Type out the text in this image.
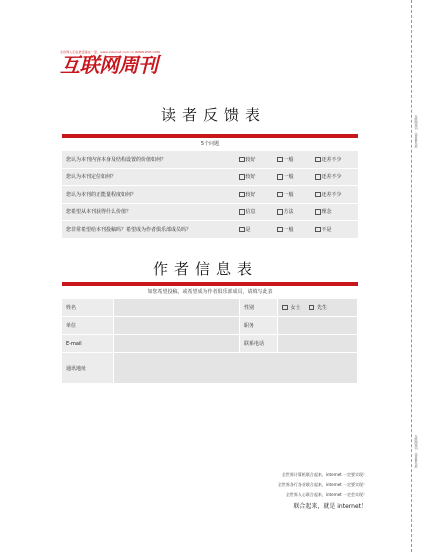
全世界人们在此连接在一起，www.internet.com.cn WWW.ZSH.COM
互联网周刊
读者反馈表
5个问题
您认为本刊内容本身及结构设置的价值如何？	较好	一般	还差不少
您认为本刊定位如何？	较好	一般	还差不少
您认为本刊的正能量程度如何？	较好	一般	还差不少
您希望从本刊获得什么价值？	信息	方法	理念
您非常希望给本刊投稿吗？希望成为作者俱乐部成员吗？	是	一般	不是
作者信息表
如您希望投稿，或希望成为作者俱乐部成员，请填写此表
姓名	性别	女士	先生
单位	职务
E-mail	联系电话
通讯地址
互联网周刊 · 读者俱乐部
互联网周刊 · 读者俱乐部
全世界计算机联合起来，internet 一定要实现！
全世界各行各业联合起来，internet 一定要实现！
全世界人心联合起来，internet 一定会实现！
联合起来，就是 internet！
